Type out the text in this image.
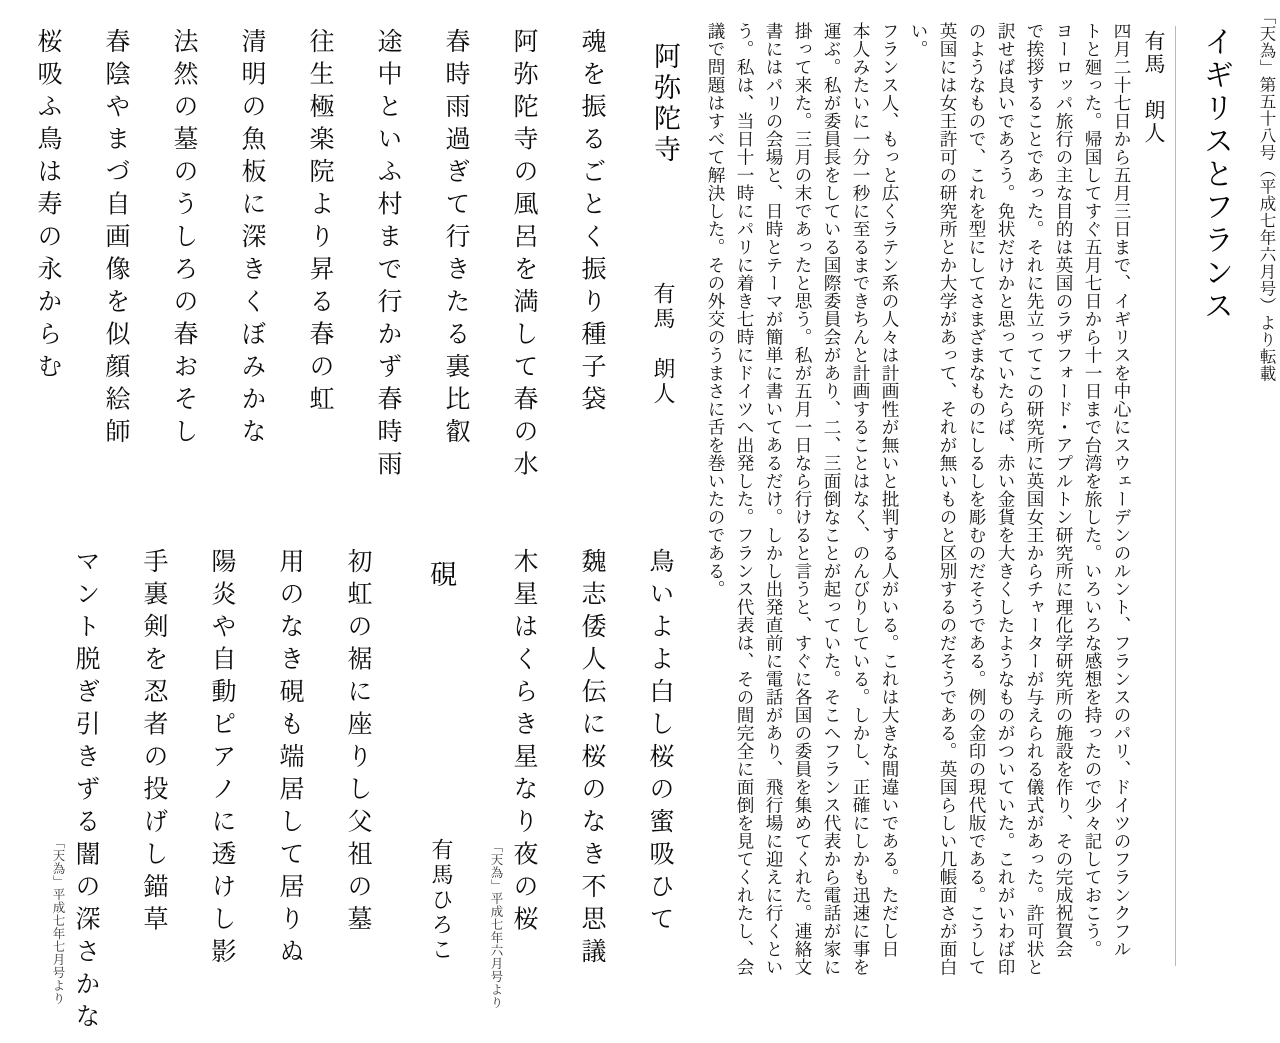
「天為」第五十八号（平成七年六月号）より転載
イギリスとフランス
有馬　朗人
四月二十七日から五月三日まで、イギリスを中心にスウェーデンのルント、フランスのパリ、ドイツのフランクフル
トと廻った。帰国してすぐ五月七日から十一日まで台湾を旅した。いろいろな感想を持ったので少々記しておこう。
ヨーロッパ旅行の主な目的は英国のラザフォード・アプルトン研究所に理化学研究所の施設を作り、その完成祝賀会
で挨拶することであった。それに先立ってこの研究所に英国女王からチャーターが与えられる儀式があった。許可状と
訳せば良いであろう。免状だけかと思っていたらば、赤い金貨を大きくしたようなものがついていた。これがいわば印
のようなもので、これを型にしてさまざまなものにしるしを彫むのだそうである。例の金印の現代版である。こうして
英国には女王許可の研究所とか大学があって、それが無いものと区別するのだそうである。英国らしい几帳面さが面白
い。
フランス人、もっと広くラテン系の人々は計画性が無いと批判する人がいる。これは大きな間違いである。ただし日
本人みたいに一分一秒に至るまできちんと計画することはなく、のんびりしている。しかし、正確にしかも迅速に事を
運ぶ。私が委員長をしている国際委員会があり、二、三面倒なことが起っていた。そこへフランス代表から電話が家に
掛って来た。三月の末であったと思う。私が五月一日なら行けると言うと、すぐに各国の委員を集めてくれた。連絡文
書にはパリの会場と、日時とテーマが簡単に書いてあるだけ。しかし出発直前に電話があり、飛行場に迎えに行くとい
う。私は、当日十一時にパリに着き七時にドイツへ出発した。フランス代表は、その間完全に面倒を見てくれたし、会
議で問題はすべて解決した。その外交のうまさに舌を巻いたのである。
阿弥陀寺
有馬　朗人
魂を振るごとく振り種子袋
阿弥陀寺の風呂を満して春の水
春時雨過ぎて行きたる裏比叡
途中といふ村まで行かず春時雨
往生極楽院より昇る春の虹
清明の魚板に深きくぼみかな
法然の墓のうしろの春おそし
春陰やまづ自画像を似顔絵師
桜吸ふ鳥は寿の永からむ
鳥いよよ白し桜の蜜吸ひて
魏志倭人伝に桜のなき不思議
木星はくらき星なり夜の桜
「天為」平成七年六月号より
硯
有馬ひろこ
初虹の裾に座りし父祖の墓
用のなき硯も端居して居りぬ
陽炎や自動ピアノに透けし影
手裏剣を忍者の投げし錨草
マント脱ぎ引きずる闇の深さかな
「天為」平成七年七月号より
